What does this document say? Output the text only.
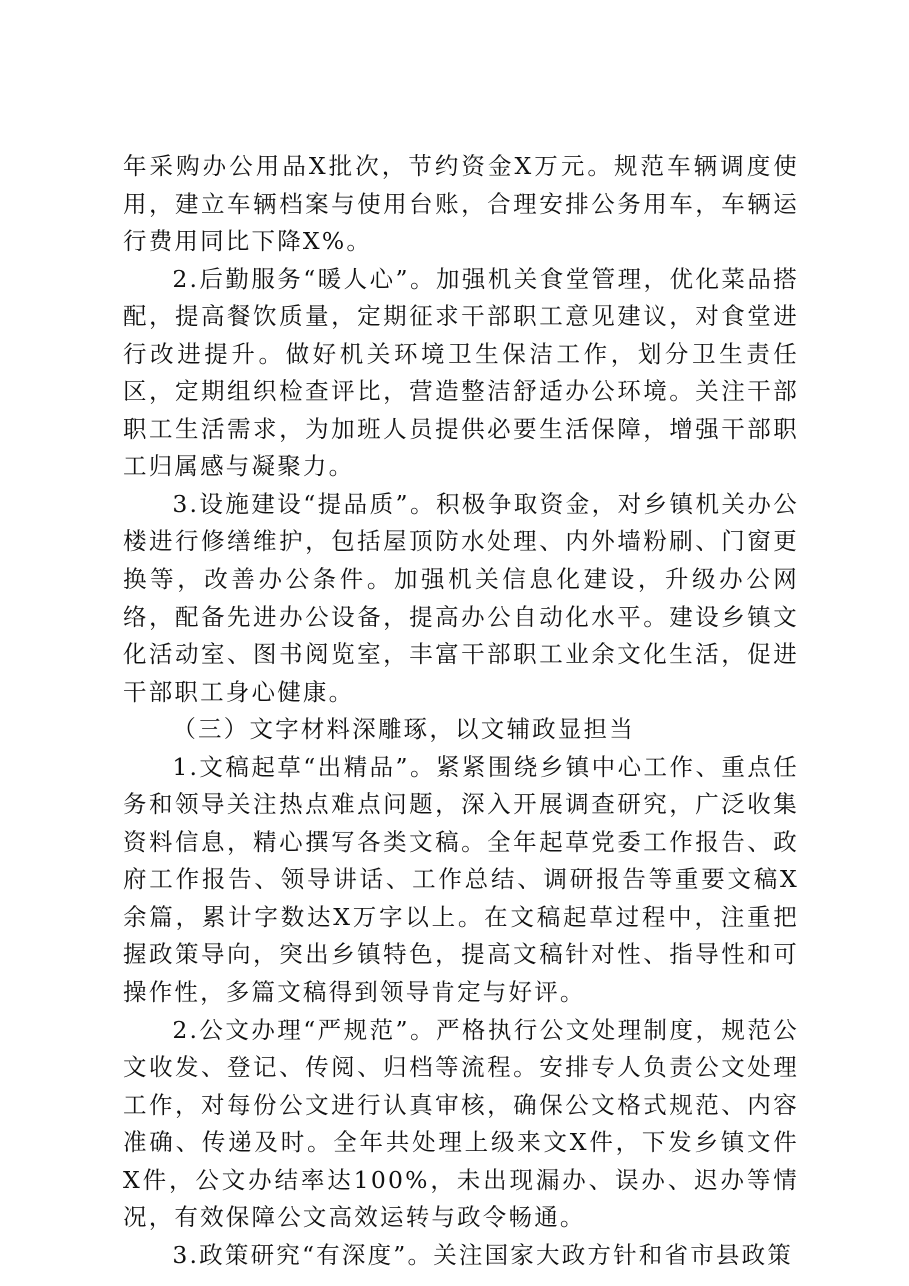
年采购办公用品X批次，节约资金X万元。规范车辆调度使用，建立车辆档案与使用台账，合理安排公务用车，车辆运行费用同比下降X%。

2.后勤服务“暖人心”。加强机关食堂管理，优化菜品搭配，提高餐饮质量，定期征求干部职工意见建议，对食堂进行改进提升。做好机关环境卫生保洁工作，划分卫生责任区，定期组织检查评比，营造整洁舒适办公环境。关注干部职工生活需求，为加班人员提供必要生活保障，增强干部职工归属感与凝聚力。

3.设施建设“提品质”。积极争取资金，对乡镇机关办公楼进行修缮维护，包括屋顶防水处理、内外墙粉刷、门窗更换等，改善办公条件。加强机关信息化建设，升级办公网络，配备先进办公设备，提高办公自动化水平。建设乡镇文化活动室、图书阅览室，丰富干部职工业余文化生活，促进干部职工身心健康。

（三）文字材料深雕琢，以文辅政显担当

1.文稿起草“出精品”。紧紧围绕乡镇中心工作、重点任务和领导关注热点难点问题，深入开展调查研究，广泛收集资料信息，精心撰写各类文稿。全年起草党委工作报告、政府工作报告、领导讲话、工作总结、调研报告等重要文稿X余篇，累计字数达X万字以上。在文稿起草过程中，注重把握政策导向，突出乡镇特色，提高文稿针对性、指导性和可操作性，多篇文稿得到领导肯定与好评。

2.公文办理“严规范”。严格执行公文处理制度，规范公文收发、登记、传阅、归档等流程。安排专人负责公文处理工作，对每份公文进行认真审核，确保公文格式规范、内容准确、传递及时。全年共处理上级来文X件，下发乡镇文件X件，公文办结率达100%，未出现漏办、误办、迟办等情况，有效保障公文高效运转与政令畅通。

3.政策研究“有深度”。关注国家大政方针和省市县政策
